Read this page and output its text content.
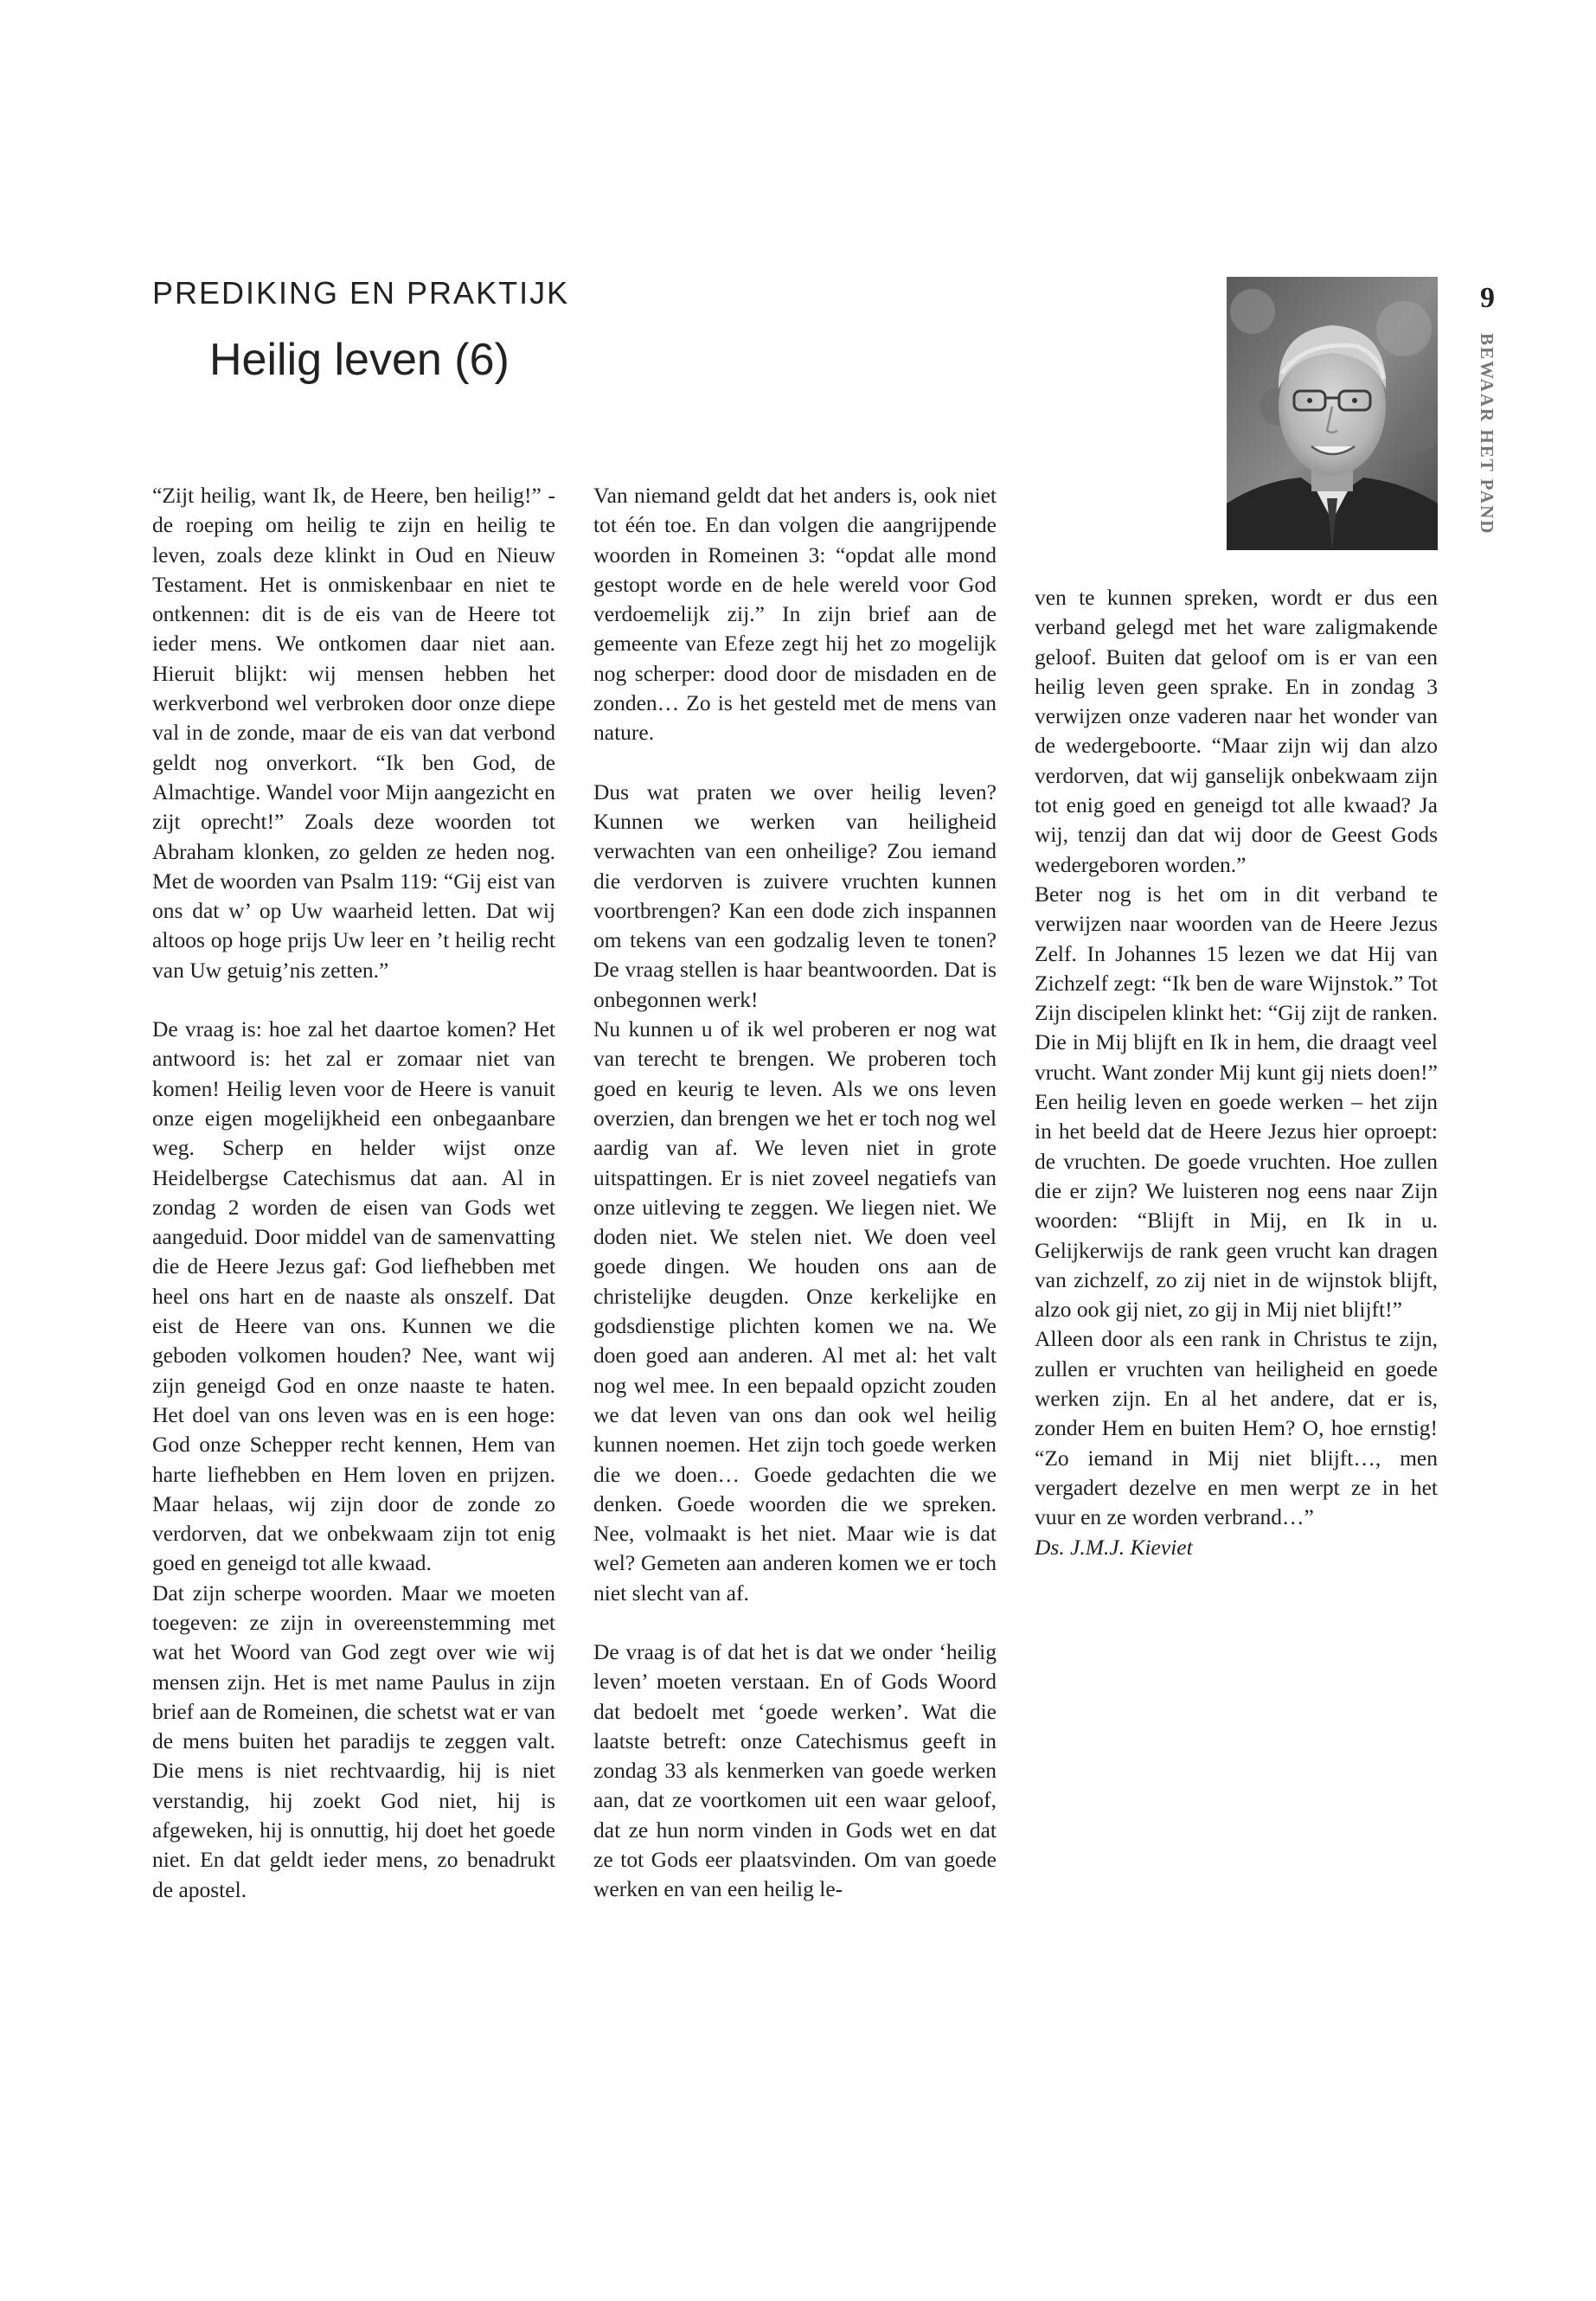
PREDIKING EN PRAKTIJK
Heilig leven (6)
9
BEWAAR HET PAND

“Zijt heilig, want Ik, de Heere, ben heilig!” - de roeping om heilig te zijn en heilig te leven, zoals deze klinkt in Oud en Nieuw Testament. Het is onmiskenbaar en niet te ontkennen: dit is de eis van de Heere tot ieder mens. We ontkomen daar niet aan. Hieruit blijkt: wij mensen hebben het werkverbond wel verbroken door onze diepe val in de zonde, maar de eis van dat verbond geldt nog onverkort. “Ik ben God, de Almachtige. Wandel voor Mijn aangezicht en zijt oprecht!” Zoals deze woorden tot Abraham klonken, zo gelden ze heden nog. Met de woorden van Psalm 119: “Gij eist van ons dat w’ op Uw waarheid letten. Dat wij altoos op hoge prijs Uw leer en ’t heilig recht van Uw getuig’nis zetten.”

De vraag is: hoe zal het daartoe komen? Het antwoord is: het zal er zomaar niet van komen! Heilig leven voor de Heere is vanuit onze eigen mogelijkheid een onbegaanbare weg. Scherp en helder wijst onze Heidelbergse Catechismus dat aan. Al in zondag 2 worden de eisen van Gods wet aangeduid. Door middel van de samenvatting die de Heere Jezus gaf: God liefhebben met heel ons hart en de naaste als onszelf. Dat eist de Heere van ons. Kunnen we die geboden volkomen houden? Nee, want wij zijn geneigd God en onze naaste te haten. Het doel van ons leven was en is een hoge: God onze Schepper recht kennen, Hem van harte liefhebben en Hem loven en prijzen. Maar helaas, wij zijn door de zonde zo verdorven, dat we onbekwaam zijn tot enig goed en geneigd tot alle kwaad.

Dat zijn scherpe woorden. Maar we moeten toegeven: ze zijn in overeenstemming met wat het Woord van God zegt over wie wij mensen zijn. Het is met name Paulus in zijn brief aan de Romeinen, die schetst wat er van de mens buiten het paradijs te zeggen valt. Die mens is niet rechtvaardig, hij is niet verstandig, hij zoekt God niet, hij is afgeweken, hij is onnuttig, hij doet het goede niet. En dat geldt ieder mens, zo benadrukt de apostel.

Van niemand geldt dat het anders is, ook niet tot één toe. En dan volgen die aangrijpende woorden in Romeinen 3: “opdat alle mond gestopt worde en de hele wereld voor God verdoemelijk zij.” In zijn brief aan de gemeente van Efeze zegt hij het zo mogelijk nog scherper: dood door de misdaden en de zonden… Zo is het gesteld met de mens van nature.

Dus wat praten we over heilig leven? Kunnen we werken van heiligheid verwachten van een onheilige? Zou iemand die verdorven is zuivere vruchten kunnen voortbrengen? Kan een dode zich inspannen om tekens van een godzalig leven te tonen? De vraag stellen is haar beantwoorden. Dat is onbegonnen werk!

Nu kunnen u of ik wel proberen er nog wat van terecht te brengen. We proberen toch goed en keurig te leven. Als we ons leven overzien, dan brengen we het er toch nog wel aardig van af. We leven niet in grote uitspattingen. Er is niet zoveel negatiefs van onze uitleving te zeggen. We liegen niet. We doden niet. We stelen niet. We doen veel goede dingen. We houden ons aan de christelijke deugden. Onze kerkelijke en godsdienstige plichten komen we na. We doen goed aan anderen. Al met al: het valt nog wel mee. In een bepaald opzicht zouden we dat leven van ons dan ook wel heilig kunnen noemen. Het zijn toch goede werken die we doen… Goede gedachten die we denken. Goede woorden die we spreken. Nee, volmaakt is het niet. Maar wie is dat wel? Gemeten aan anderen komen we er toch niet slecht van af.

De vraag is of dat het is dat we onder ‘heilig leven’ moeten verstaan. En of Gods Woord dat bedoelt met ‘goede werken’. Wat die laatste betreft: onze Catechismus geeft in zondag 33 als kenmerken van goede werken aan, dat ze voortkomen uit een waar geloof, dat ze hun norm vinden in Gods wet en dat ze tot Gods eer plaatsvinden. Om van goede werken en van een heilig le-

ven te kunnen spreken, wordt er dus een verband gelegd met het ware zaligmakende geloof. Buiten dat geloof om is er van een heilig leven geen sprake. En in zondag 3 verwijzen onze vaderen naar het wonder van de wedergeboorte. “Maar zijn wij dan alzo verdorven, dat wij ganselijk onbekwaam zijn tot enig goed en geneigd tot alle kwaad? Ja wij, tenzij dan dat wij door de Geest Gods wedergeboren worden.”

Beter nog is het om in dit verband te verwijzen naar woorden van de Heere Jezus Zelf. In Johannes 15 lezen we dat Hij van Zichzelf zegt: “Ik ben de ware Wijnstok.” Tot Zijn discipelen klinkt het: “Gij zijt de ranken. Die in Mij blijft en Ik in hem, die draagt veel vrucht. Want zonder Mij kunt gij niets doen!” Een heilig leven en goede werken – het zijn in het beeld dat de Heere Jezus hier oproept: de vruchten. De goede vruchten. Hoe zullen die er zijn? We luisteren nog eens naar Zijn woorden: “Blijft in Mij, en Ik in u. Gelijkerwijs de rank geen vrucht kan dragen van zichzelf, zo zij niet in de wijnstok blijft, alzo ook gij niet, zo gij in Mij niet blijft!”

Alleen door als een rank in Christus te zijn, zullen er vruchten van heiligheid en goede werken zijn. En al het andere, dat er is, zonder Hem en buiten Hem? O, hoe ernstig! “Zo iemand in Mij niet blijft…, men vergadert dezelve en men werpt ze in het vuur en ze worden verbrand…”

Ds. J.M.J. Kieviet
